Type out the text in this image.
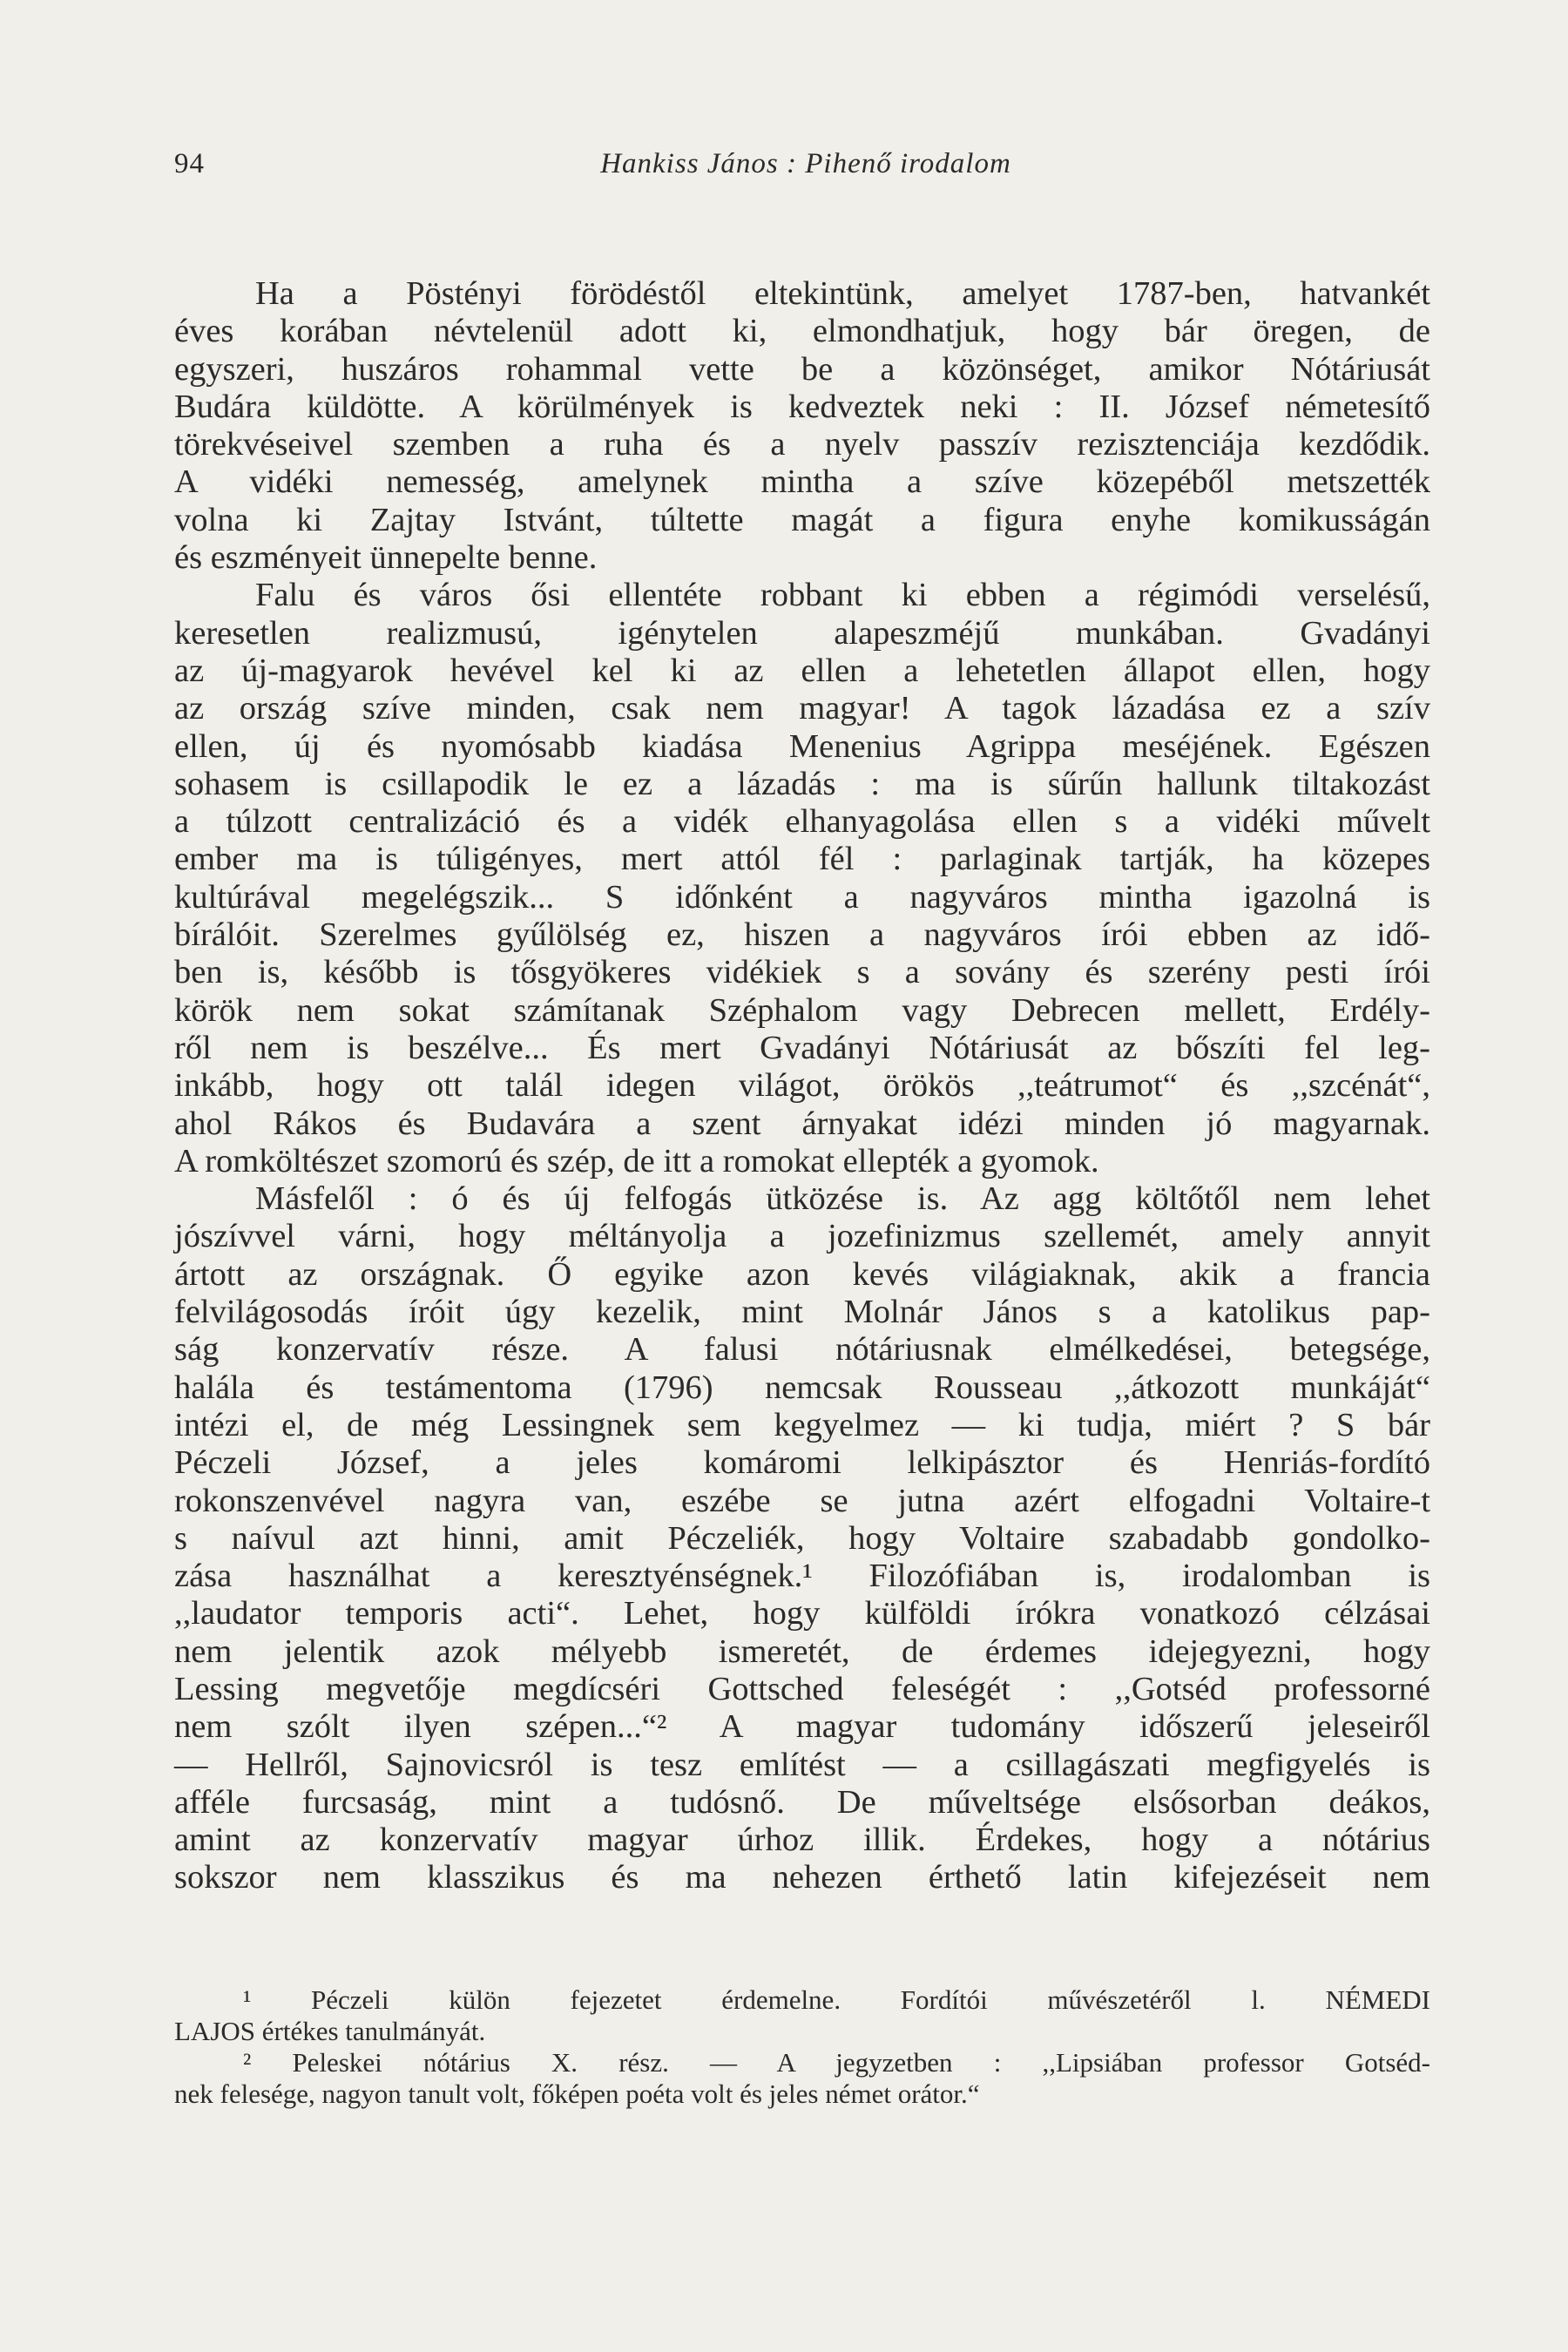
94	Hankiss János : Pihenő irodalom
Ha a Pöstényi förödéstől eltekintünk, amelyet 1787-ben, hatvankét
éves korában névtelenül adott ki, elmondhatjuk, hogy bár öregen, de
egyszeri, huszáros rohammal vette be a közönséget, amikor Nótáriusát
Budára küldötte. A körülmények is kedveztek neki : II. József németesítő
törekvéseivel szemben a ruha és a nyelv passzív rezisztenciája kezdődik.
A vidéki nemesség, amelynek mintha a szíve közepéből metszették
volna ki Zajtay Istvánt, túltette magát a figura enyhe komikusságán
és eszményeit ünnepelte benne.
Falu és város ősi ellentéte robbant ki ebben a régimódi verselésű,
keresetlen realizmusú, igénytelen alapeszméjű munkában. Gvadányi
az új-magyarok hevével kel ki az ellen a lehetetlen állapot ellen, hogy
az ország szíve minden, csak nem magyar! A tagok lázadása ez a szív
ellen, új és nyomósabb kiadása Menenius Agrippa meséjének. Egészen
sohasem is csillapodik le ez a lázadás : ma is sűrűn hallunk tiltakozást
a túlzott centralizáció és a vidék elhanyagolása ellen s a vidéki művelt
ember ma is túligényes, mert attól fél : parlaginak tartják, ha közepes
kultúrával megelégszik... S időnként a nagyváros mintha igazolná is
bírálóit. Szerelmes gyűlölség ez, hiszen a nagyváros írói ebben az idő-
ben is, később is tősgyökeres vidékiek s a sovány és szerény pesti írói
körök nem sokat számítanak Széphalom vagy Debrecen mellett, Erdély-
ről nem is beszélve... És mert Gvadányi Nótáriusát az bőszíti fel leg-
inkább, hogy ott talál idegen világot, örökös ,,teátrumot“ és ,,szcénát“,
ahol Rákos és Budavára a szent árnyakat idézi minden jó magyarnak.
A romköltészet szomorú és szép, de itt a romokat ellepték a gyomok.
Másfelől : ó és új felfogás ütközése is. Az agg költőtől nem lehet
jószívvel várni, hogy méltányolja a jozefinizmus szellemét, amely annyit
ártott az országnak. Ő egyike azon kevés világiaknak, akik a francia
felvilágosodás íróit úgy kezelik, mint Molnár János s a katolikus pap-
ság konzervatív része. A falusi nótáriusnak elmélkedései, betegsége,
halála és testámentoma (1796) nemcsak Rousseau ,,átkozott munkáját“
intézi el, de még Lessingnek sem kegyelmez — ki tudja, miért ? S bár
Péczeli József, a jeles komáromi lelkipásztor és Henriás-fordító
rokonszenvével nagyra van, eszébe se jutna azért elfogadni Voltaire-t
s naívul azt hinni, amit Péczeliék, hogy Voltaire szabadabb gondolko-
zása használhat a keresztyénségnek.¹ Filozófiában is, irodalomban is
,,laudator temporis acti“. Lehet, hogy külföldi írókra vonatkozó célzásai
nem jelentik azok mélyebb ismeretét, de érdemes idejegyezni, hogy
Lessing megvetője megdícséri Gottsched feleségét : ,,Gotséd professorné
nem szólt ilyen szépen...“² A magyar tudomány időszerű jeleseiről
— Hellről, Sajnovicsról is tesz említést — a csillagászati megfigyelés is
afféle furcsaság, mint a tudósnő. De műveltsége elsősorban deákos,
amint az konzervatív magyar úrhoz illik. Érdekes, hogy a nótárius
sokszor nem klasszikus és ma nehezen érthető latin kifejezéseit nem
¹ Péczeli külön fejezetet érdemelne. Fordítói művészetéről l. NÉMEDI
LAJOS értékes tanulmányát.
² Peleskei nótárius X. rész. — A jegyzetben : ,,Lipsiában professor Gotséd-
nek felesége, nagyon tanult volt, főképen poéta volt és jeles német orátor.“
